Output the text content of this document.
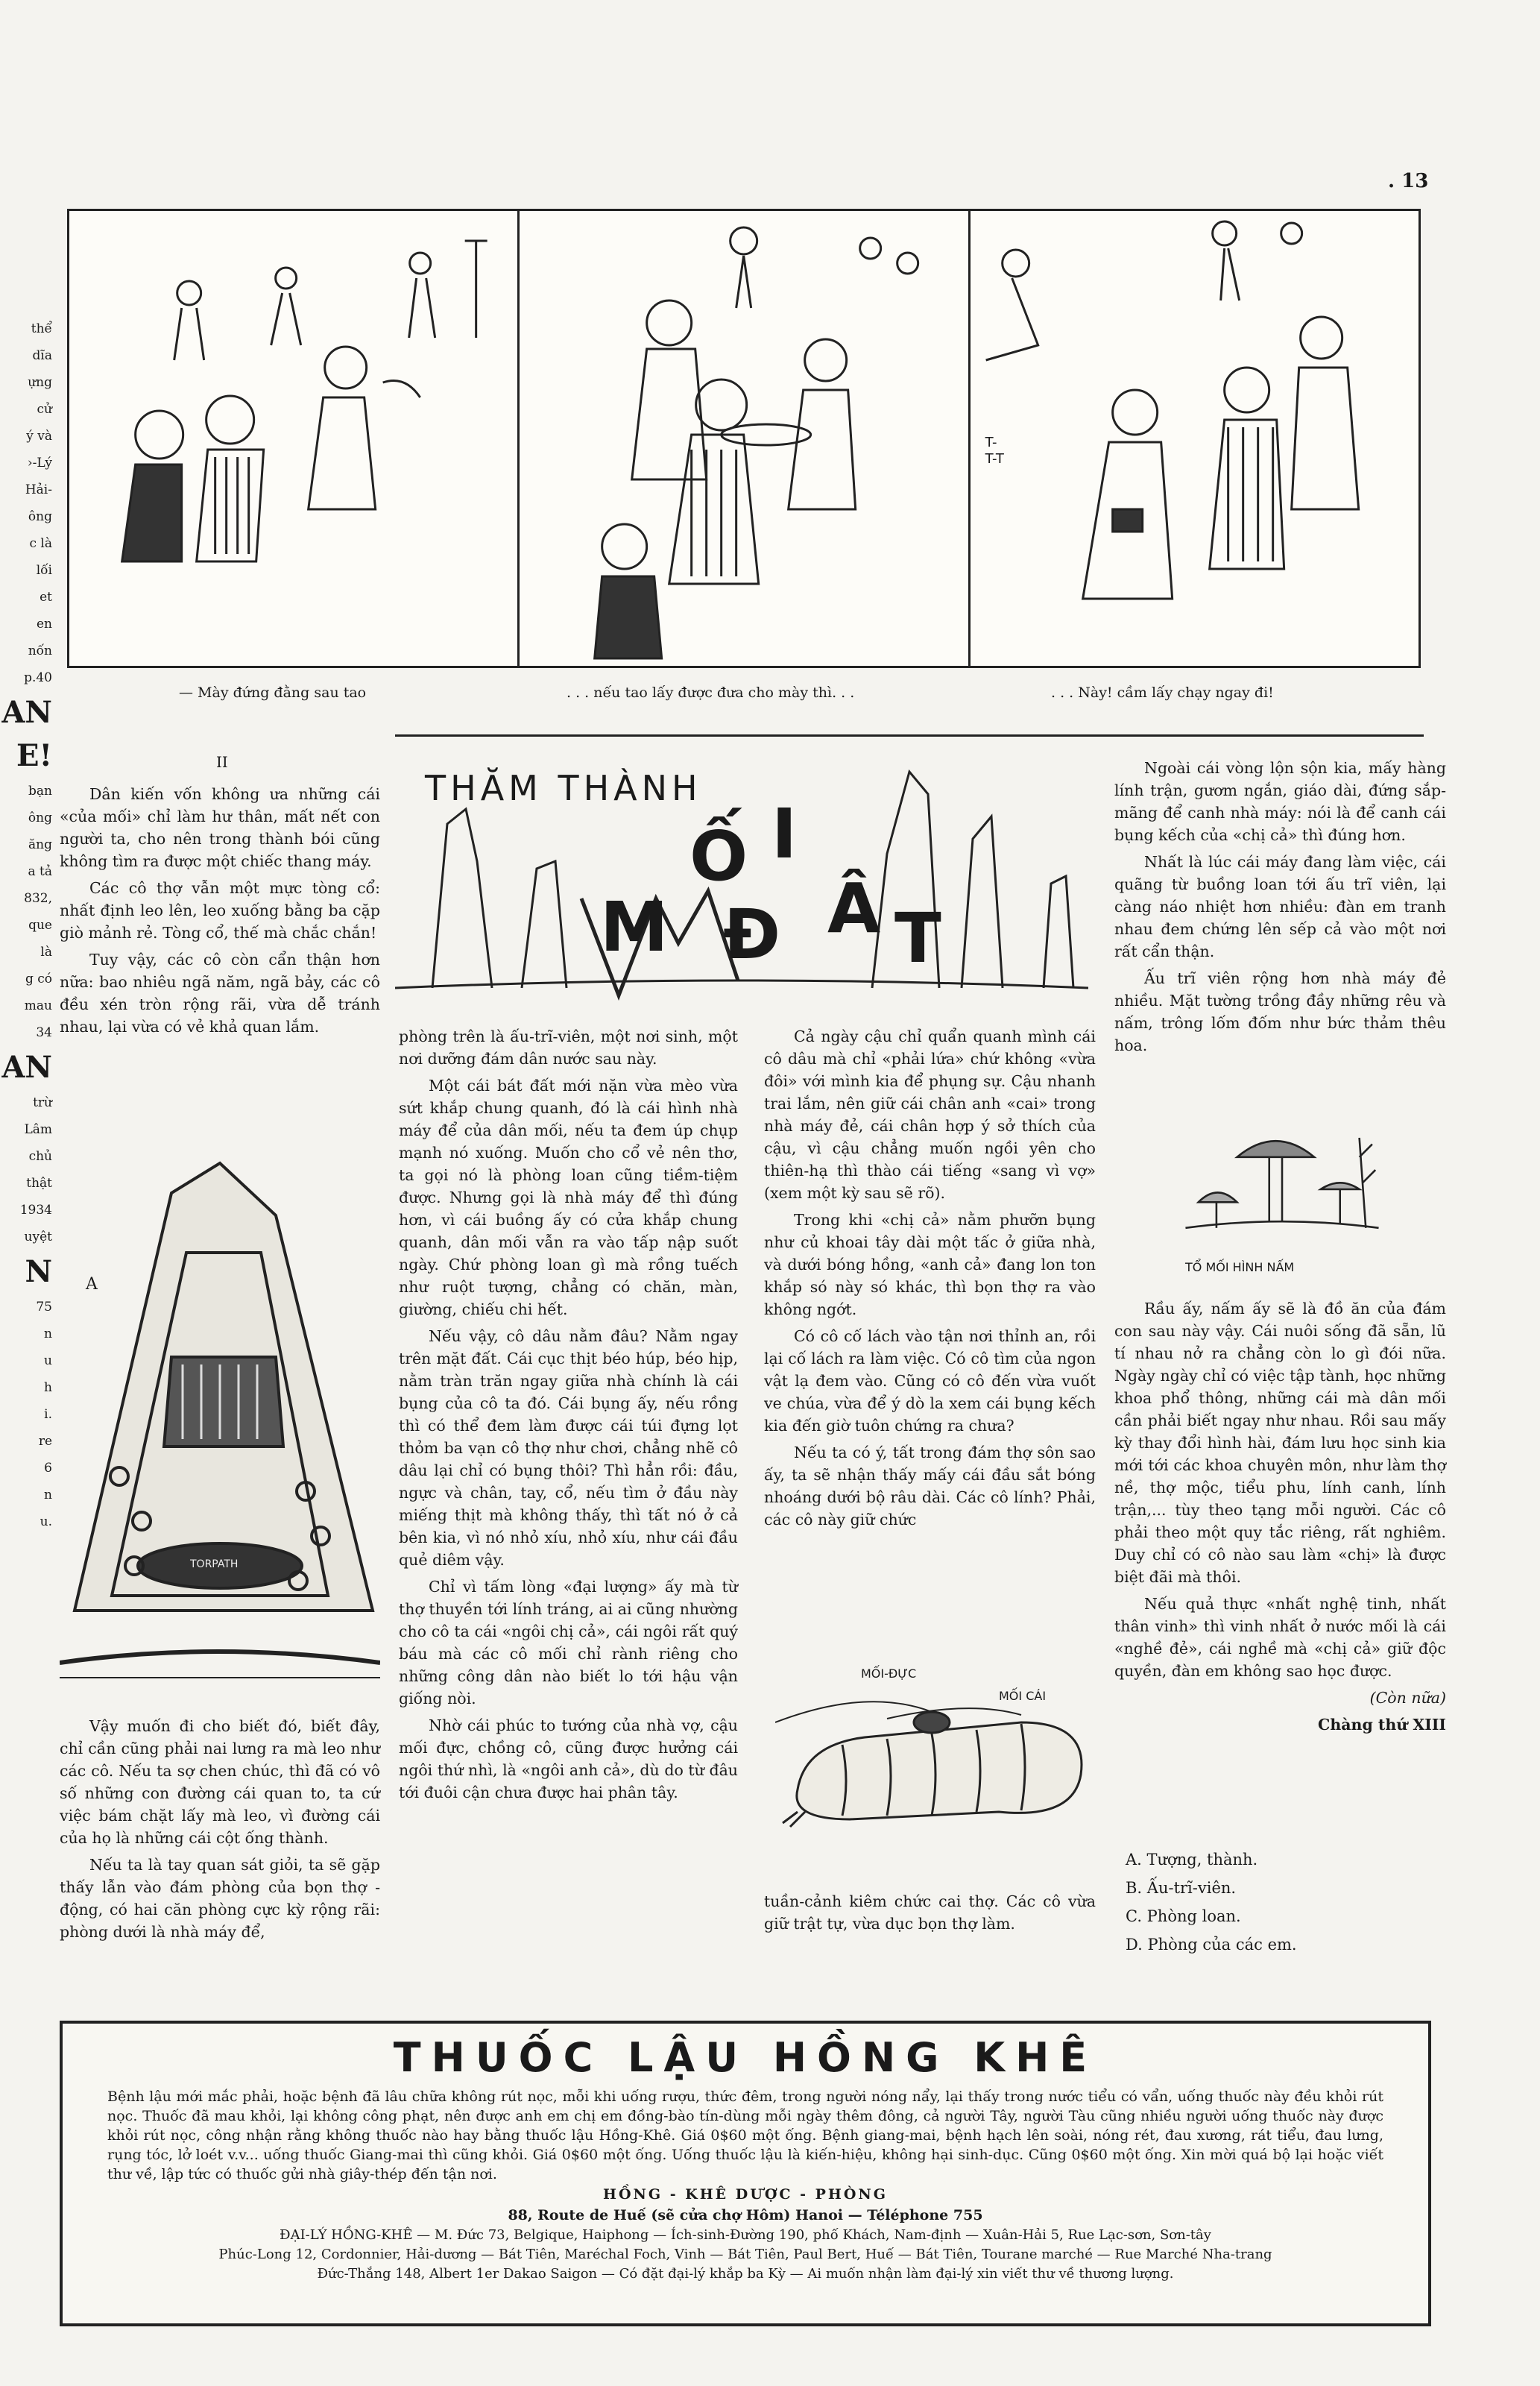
. 13
thể
dĩa
ựng
cử
ý và
›-Lý
Hải-
ông
c là
lối
et
en
nốn
p.40
AN
E!
bạn
ông
ăng
a tả
832,
que
là
g có
mau
34
AN
trừ
Lâm
chủ
thật
1934
uyệt
N
75
n
u
h
i.
re
6
n
u.
T-T-T
— Mày đứng đằng sau tao	. . . nếu tao lấy được đưa cho mày thì. . .	. . . Này! cầm lấy chạy ngay đi!
II
THĂM THÀNH
M
Ố I
Đ Â T

Dân kiến vốn không ưa những cái «của mối» chỉ làm hư thân, mất nết con người ta, cho nên trong thành bói cũng không tìm ra được một chiếc thang máy.

Các cô thợ vẫn một mực tòng cổ: nhất định leo lên, leo xuống bằng ba cặp giò mảnh rẻ. Tòng cổ, thế mà chắc chắn!

Tuy vậy, các cô còn cẩn thận hơn nữa: bao nhiêu ngã năm, ngã bảy, các cô đều xén tròn rộng rãi, vừa dễ tránh nhau, lại vừa có vẻ khả quan lắm.

A
TORPATH

Vậy muốn đi cho biết đó, biết đây, chỉ cần cũng phải nai lưng ra mà leo như các cô. Nếu ta sợ chen chúc, thì đã có vô số những con đường cái quan to, ta cứ việc bám chặt lấy mà leo, vì đường cái của họ là những cái cột ống thành.

Nếu ta là tay quan sát giỏi, ta sẽ gặp thấy lẫn vào đám phòng của bọn thợ - động, có hai căn phòng cực kỳ rộng rãi: phòng dưới là nhà máy để,

phòng trên là ấu-trĩ-viên, một nơi sinh, một nơi dưỡng đám dân nước sau này.

Một cái bát đất mới nặn vừa mèo vừa sứt khắp chung quanh, đó là cái hình nhà máy để của dân mối, nếu ta đem úp chụp mạnh nó xuống. Muốn cho cổ vẻ nên thơ, ta gọi nó là phòng loan cũng tiềm-tiệm được. Nhưng gọi là nhà máy để thì đúng hơn, vì cái buồng ấy có cửa khắp chung quanh, dân mối vẫn ra vào tấp nập suốt ngày. Chứ phòng loan gì mà rồng tuếch như ruột tượng, chẳng có chăn, màn, giường, chiếu chi hết.

Nếu vậy, cô dâu nằm đâu? Nằm ngay trên mặt đất. Cái cục thịt béo húp, béo hịp, nằm tràn trăn ngay giữa nhà chính là cái bụng của cô ta đó. Cái bụng ấy, nếu rồng thì có thể đem làm được cái túi đựng lọt thỏm ba vạn cô thợ như chơi, chẳng nhẽ cô dâu lại chỉ có bụng thôi? Thì hẳn rồi: đầu, ngực và chân, tay, cổ, nếu tìm ở đầu này miếng thịt mà không thấy, thì tất nó ở cả bên kia, vì nó nhỏ xíu, nhỏ xíu, như cái đầu quẻ diêm vậy.

Chỉ vì tấm lòng «đại lượng» ấy mà từ thợ thuyền tới lính tráng, ai ai cũng nhường cho cô ta cái «ngôi chị cả», cái ngôi rất quý báu mà các cô mối chỉ rành riêng cho những công dân nào biết lo tới hậu vận giống nòi.

Nhờ cái phúc to tướng của nhà vợ, cậu mối đực, chồng cô, cũng được hưởng cái ngôi thứ nhì, là «ngôi anh cả», dù do từ đâu tới đuôi cận chưa được hai phân tây.

Cả ngày cậu chỉ quẩn quanh mình cái cô dâu mà chỉ «phải lứa» chứ không «vừa đôi» với mình kia để phụng sự. Cậu nhanh trai lắm, nên giữ cái chân anh «cai» trong nhà máy đẻ, cái chân hợp ý sở thích của cậu, vì cậu chẳng muốn ngồi yên cho thiên-hạ thì thào cái tiếng «sang vì vợ» (xem một kỳ sau sẽ rõ).

Trong khi «chị cả» nằm phưỡn bụng như củ khoai tây dài một tấc ở giữa nhà, và dưới bóng hồng, «anh cả» đang lon ton khắp só này só khác, thì bọn thợ ra vào không ngớt.

Có cô cố lách vào tận nơi thỉnh an, rồi lại cố lách ra làm việc. Có cô tìm của ngon vật lạ đem vào. Cũng có cô đến vừa vuốt ve chúa, vừa để ý dò la xem cái bụng kếch kia đến giờ tuôn chứng ra chưa?

Nếu ta có ý, tất trong đám thợ sôn sao ấy, ta sẽ nhận thấy mấy cái đầu sắt bóng nhoáng dưới bộ râu dài. Các cô lính? Phải, các cô này giữ chức

MỐI-ĐỰC
MỐI CÁI

tuần-cảnh kiêm chức cai thợ. Các cô vừa giữ trật tự, vừa dục bọn thợ làm.

Ngoài cái vòng lộn sộn kia, mấy hàng lính trận, gươm ngắn, giáo dài, đứng sắp-mãng để canh nhà máy: nói là để canh cái bụng kếch của «chị cả» thì đúng hơn.

Nhất là lúc cái máy đang làm việc, cái quãng từ buồng loan tới ấu trĩ viên, lại càng náo nhiệt hơn nhiều: đàn em tranh nhau đem chứng lên sếp cả vào một nơi rất cẩn thận.

Ấu trĩ viên rộng hơn nhà máy đẻ nhiều. Mặt tường trồng đầy những rêu và nấm, trông lốm đốm như bức thảm thêu hoa.

TỔ MỐI HÌNH NẤM

Rầu ấy, nấm ấy sẽ là đồ ăn của đám con sau này vậy. Cái nuôi sống đã sẵn, lũ tí nhau nở ra chẳng còn lo gì đói nữa. Ngày ngày chỉ có việc tập tành, học những khoa phổ thông, những cái mà dân mối cần phải biết ngay như nhau. Rồi sau mấy kỳ thay đổi hình hài, đám lưu học sinh kia mới tới các khoa chuyên môn, như làm thợ nề, thợ mộc, tiểu phu, lính canh, lính trận,... tùy theo tạng mỗi người. Các cô phải theo một quy tắc riêng, rất nghiêm. Duy chỉ có cô nào sau làm «chị» là được biệt đãi mà thôi.

Nếu quả thực «nhất nghệ tinh, nhất thân vinh» thì vinh nhất ở nước mối là cái «nghề đẻ», cái nghề mà «chị cả» giữ độc quyền, đàn em không sao học được.

(Còn nữa)

Chàng thứ XIII

A. Tượng, thành.
B. Ấu-trĩ-viên.
C. Phòng loan.
D. Phòng của các em.
THUỐC LẬU HỒNG KHÊ
Bệnh lậu mới mắc phải, hoặc bệnh đã lâu chữa không rút nọc, mỗi khi uống rượu, thức đêm, trong người nóng nẩy, lại thấy trong nước tiểu có vẩn, uống thuốc này đều khỏi rút nọc. Thuốc đã mau khỏi, lại không công phạt, nên được anh em chị em đồng-bào tín-dùng mỗi ngày thêm đông, cả người Tây, người Tàu cũng nhiều người uống thuốc này được khỏi rút nọc, công nhận rằng không thuốc nào hay bằng thuốc lậu Hồng-Khê. Giá 0$60 một ống. Bệnh giang-mai, bệnh hạch lên soài, nóng rét, đau xương, rát tiểu, đau lưng, rụng tóc, lở loét v.v... uống thuốc Giang-mai thì cũng khỏi. Giá 0$60 một ống. Uống thuốc lậu là kiến-hiệu, không hại sinh-dục. Cũng 0$60 một ống. Xin mời quá bộ lại hoặc viết thư về, lập tức có thuốc gửi nhà giây-thép đến tận nơi.
HỒNG - KHÊ DƯỢC - PHÒNG
88, Route de Huế (sẽ cửa chợ Hôm) Hanoi — Téléphone 755
ĐẠI-LÝ HỒNG-KHÊ — M. Đức 73, Belgique, Haiphong — Ích-sinh-Đường 190, phố Khách, Nam-định — Xuân-Hải 5, Rue Lạc-sơn, Sơn-tây
Phúc-Long 12, Cordonnier, Hải-dương — Bát Tiên, Maréchal Foch, Vinh — Bát Tiên, Paul Bert, Huế — Bát Tiên, Tourane marché — Rue Marché Nha-trang
Đức-Thắng 148, Albert 1er Dakao Saigon — Có đặt đại-lý khắp ba Kỳ — Ai muốn nhận làm đại-lý xin viết thư về thương lượng.
